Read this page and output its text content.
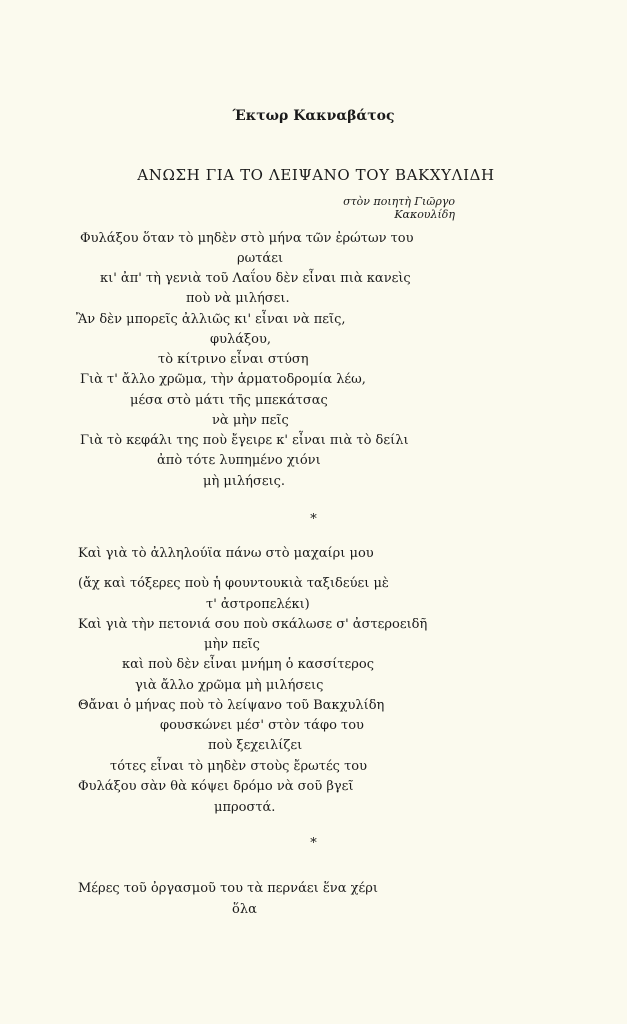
Έκτωρ Κακναβάτος
ΑΝΩΣΗ ΓΙΑ ΤΟ ΛΕΙΨΑΝΟ ΤΟΥ ΒΑΚΧΥΛΙΔΗ
στὸν ποιητὴ Γιῶργο Κακουλίδη
Φυλάξου ὅταν τὸ μηδὲν στὸ μήνα τῶν ἐρώτων του
ρωτάει
κι' ἀπ' τὴ γενιὰ τοῦ Λαΐου δὲν εἶναι πιὰ κανεὶς
ποὺ νὰ μιλήσει.
Ἂν δὲν μπορεῖς ἀλλιῶς κι' εἶναι νὰ πεῖς,
φυλάξου,
τὸ κίτρινο εἶναι στύση
Γιὰ τ' ἄλλο χρῶμα, τὴν ἁρματοδρομία λέω,
μέσα στὸ μάτι τῆς μπεκάτσας
νὰ μὴν πεῖς
Γιὰ τὸ κεφάλι της ποὺ ἔγειρε κ' εἶναι πιὰ τὸ δείλι
ἀπὸ τότε λυπημένο χιόνι
μὴ μιλήσεις.
*
Καὶ γιὰ τὸ ἀλληλούϊα πάνω στὸ μαχαίρι μου
(ἄχ καὶ τόξερες ποὺ ἡ φουντουκιὰ ταξιδεύει μὲ
τ' ἀστροπελέκι)
Καὶ γιὰ τὴν πετονιά σου ποὺ σκάλωσε σ' ἀστεροειδῆ
μὴν πεῖς
καὶ ποὺ δὲν εἶναι μνήμη ὁ κασσίτερος
γιὰ ἄλλο χρῶμα μὴ μιλήσεις
Θἄναι ὁ μήνας ποὺ τὸ λείψανο τοῦ Βακχυλίδη
φουσκώνει μέσ' στὸν τάφο του
ποὺ ξεχειλίζει
τότες εἶναι τὸ μηδὲν στοὺς ἔρωτές του
Φυλάξου σὰν θὰ κόψει δρόμο νὰ σοῦ βγεῖ
μπροστά.
*
Μέρες τοῦ ὀργασμοῦ του τὰ περνάει ἕνα χέρι
ὅλα
